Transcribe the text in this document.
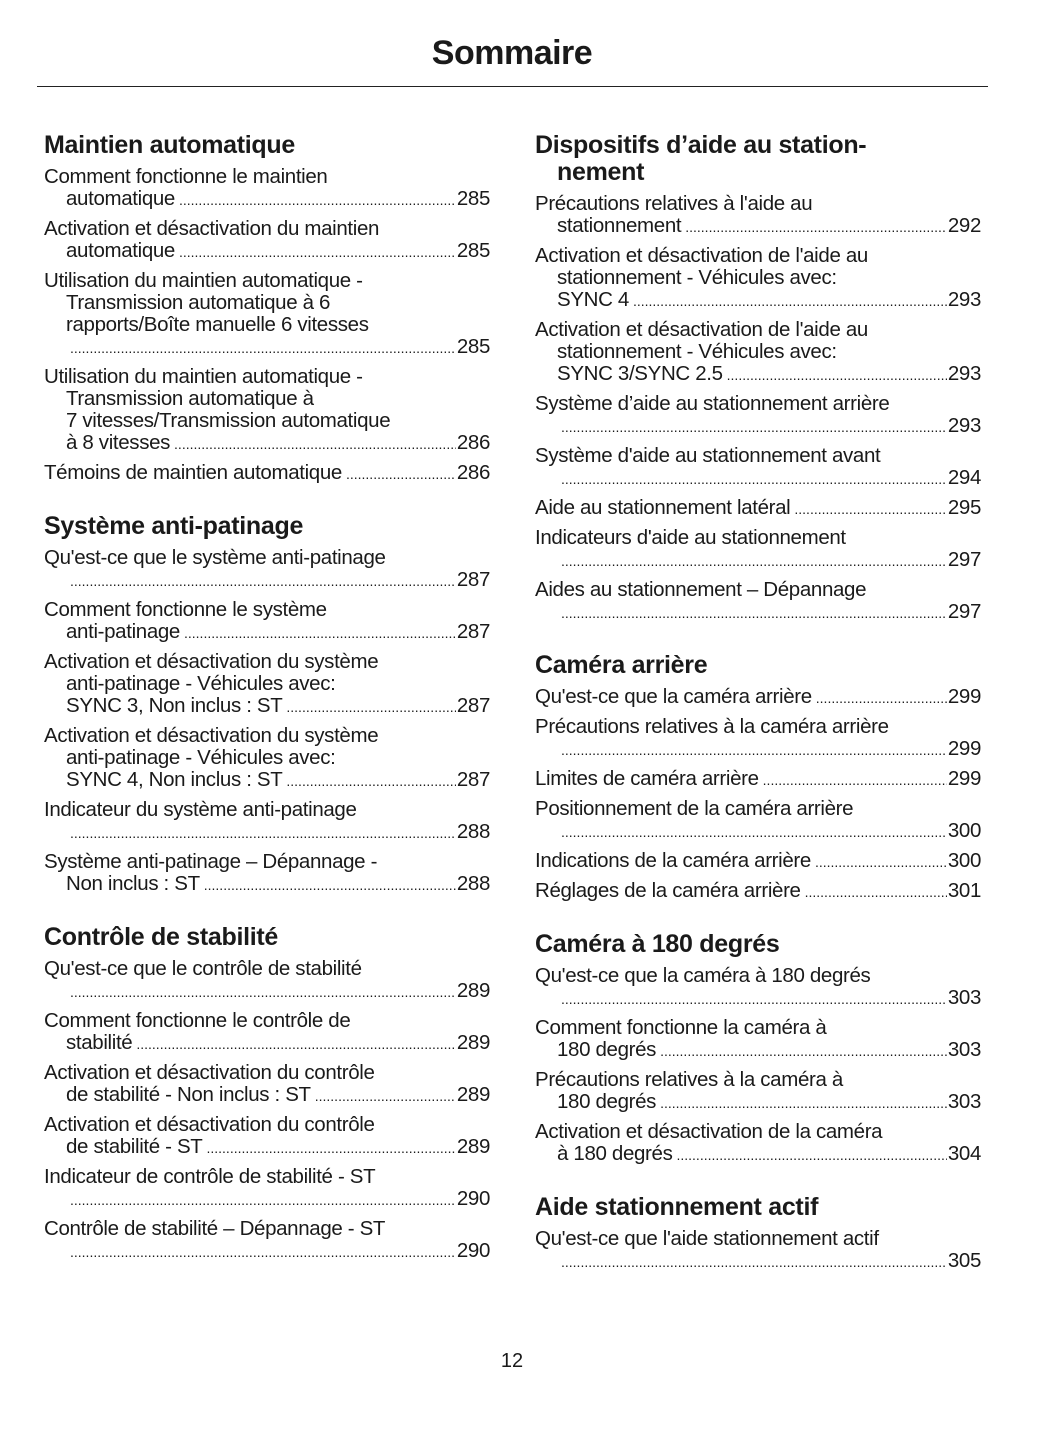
Sommaire
Maintien automatique
Comment fonctionne le maintien
automatique .....	285
Activation et désactivation du maintien
automatique .....	285
Utilisation du maintien automatique -
Transmission automatique à 6
rapports/Boîte manuelle 6 vitesses
.....
285
Utilisation du maintien automatique -
Transmission automatique à
7 vitesses/Transmission automatique
à 8 vitesses .....	286
Témoins de maintien automatique .....	286
Système anti-patinage
Qu'est-ce que le système anti-patinage
.....
287
Comment fonctionne le système
anti-patinage .....	287
Activation et désactivation du système
anti-patinage - Véhicules avec:
SYNC 3, Non inclus : ST .....	287
Activation et désactivation du système
anti-patinage - Véhicules avec:
SYNC 4, Non inclus : ST .....	287
Indicateur du système anti-patinage
.....
288
Système anti-patinage – Dépannage -
Non inclus : ST .....	288
Contrôle de stabilité
Qu'est-ce que le contrôle de stabilité
.....
289
Comment fonctionne le contrôle de
stabilité .....	289
Activation et désactivation du contrôle
de stabilité - Non inclus : ST .....	289
Activation et désactivation du contrôle
de stabilité - ST .....	289
Indicateur de contrôle de stabilité - ST
.....
290
Contrôle de stabilité – Dépannage - ST
.....
290
Dispositifs d’aide au station-
nement
Précautions relatives à l'aide au
stationnement .....	292
Activation et désactivation de l'aide au
stationnement - Véhicules avec:
SYNC 4 .....	293
Activation et désactivation de l'aide au
stationnement - Véhicules avec:
SYNC 3/SYNC 2.5 .....	293
Système d’aide au stationnement arrière
.....
293
Système d'aide au stationnement avant
.....
294
Aide au stationnement latéral .....	295
Indicateurs d'aide au stationnement
.....
297
Aides au stationnement – Dépannage
.....
297
Caméra arrière
Qu'est-ce que la caméra arrière .....	299
Précautions relatives à la caméra arrière
.....
299
Limites de caméra arrière .....	299
Positionnement de la caméra arrière
.....
300
Indications de la caméra arrière .....	300
Réglages de la caméra arrière .....	301
Caméra à 180 degrés
Qu'est-ce que la caméra à 180 degrés
.....
303
Comment fonctionne la caméra à
180 degrés .....	303
Précautions relatives à la caméra à
180 degrés .....	303
Activation et désactivation de la caméra
à 180 degrés .....	304
Aide stationnement actif
Qu'est-ce que l'aide stationnement actif
.....
305
12
